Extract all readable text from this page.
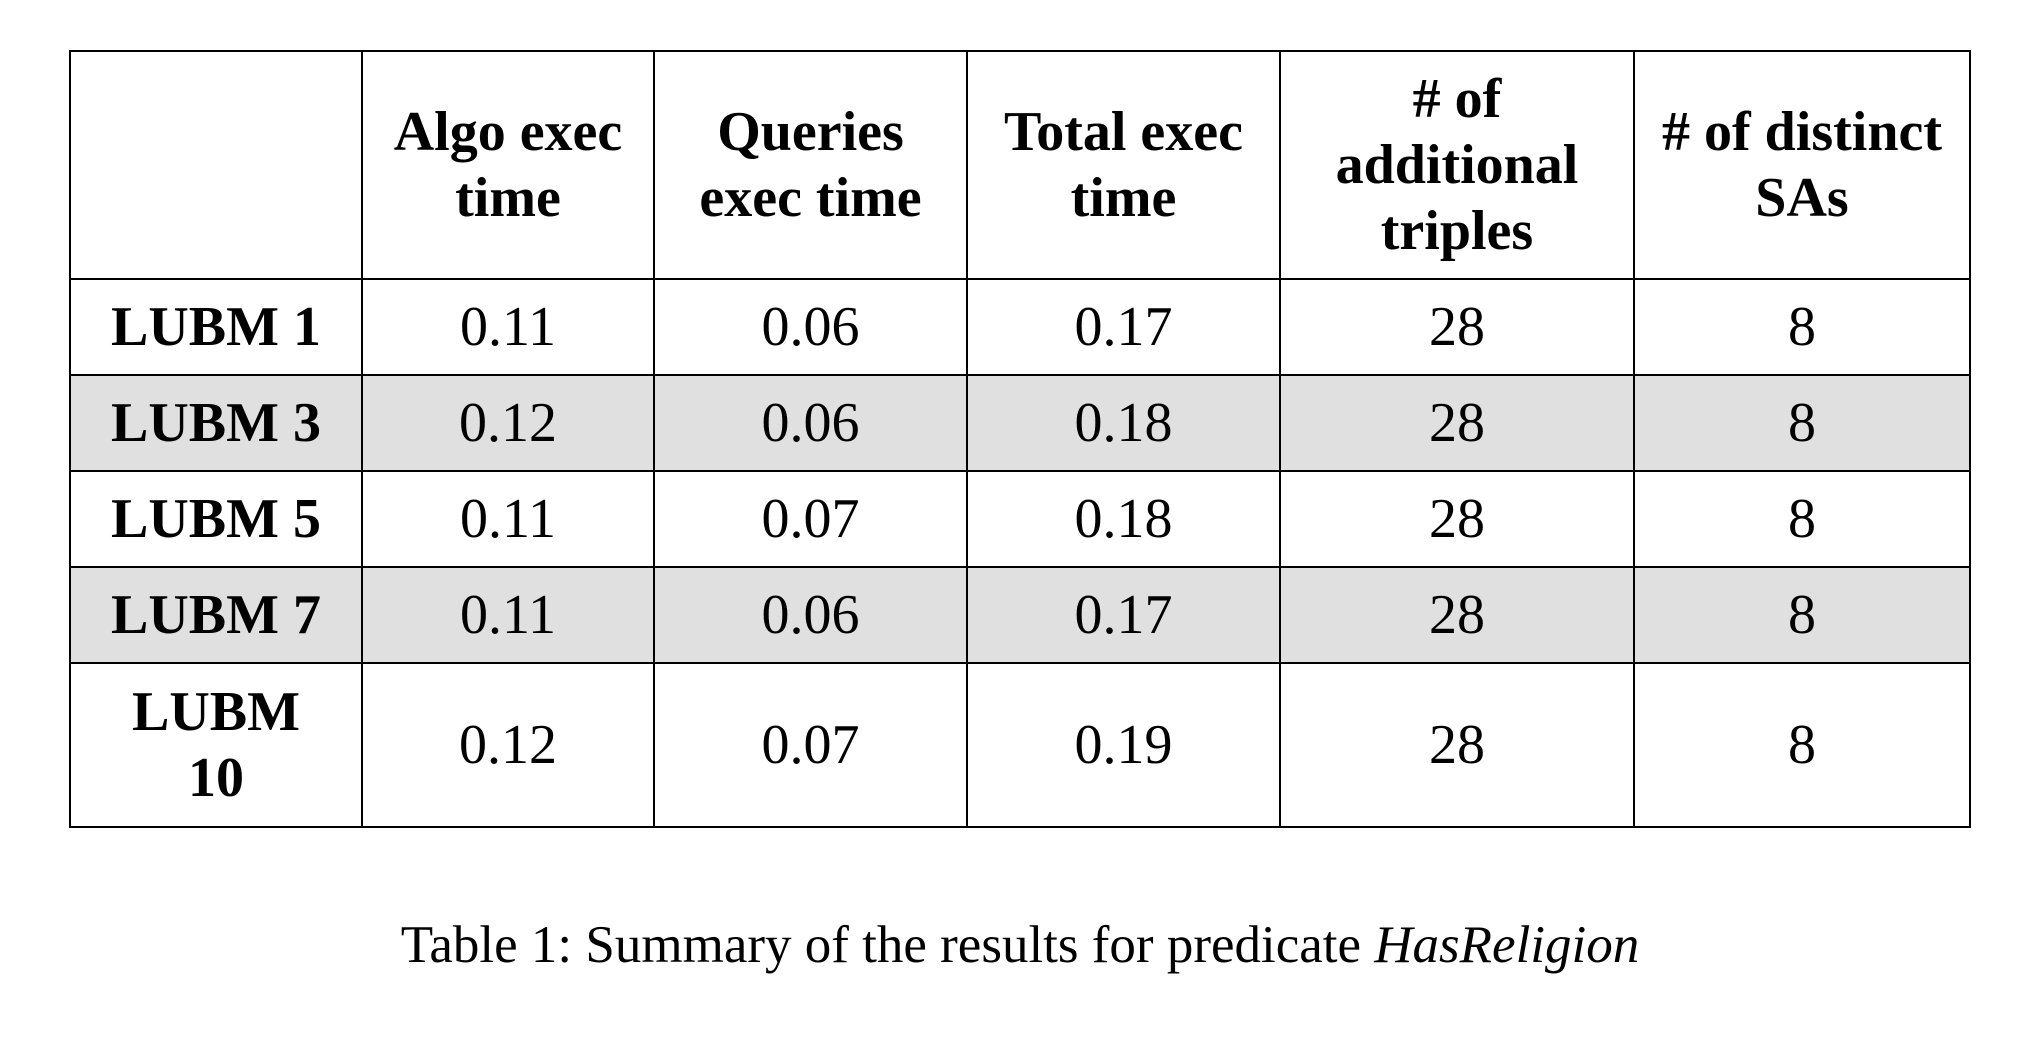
	Algo exec time	Queries exec time	Total exec time	# of additional triples	# of distinct SAs
LUBM 1	0.11	0.06	0.17	28	8
LUBM 3	0.12	0.06	0.18	28	8
LUBM 5	0.11	0.07	0.18	28	8
LUBM 7	0.11	0.06	0.17	28	8
LUBM 10	0.12	0.07	0.19	28	8
Table 1: Summary of the results for predicate HasReligion
